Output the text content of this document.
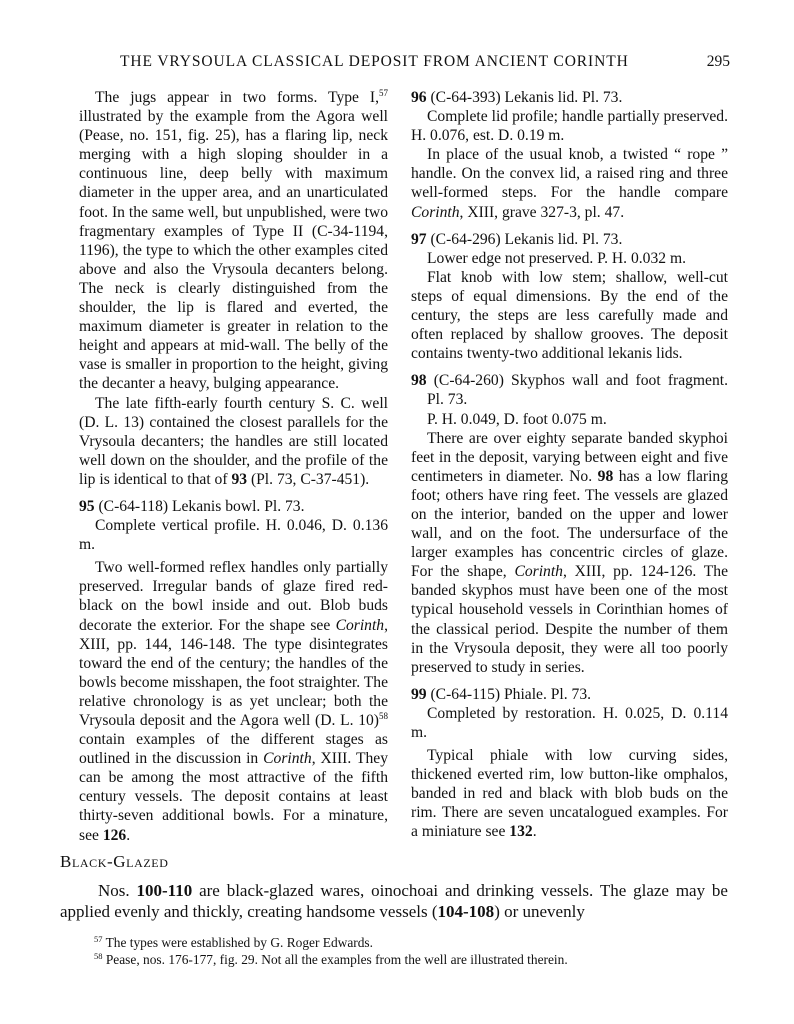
THE VRYSOULA CLASSICAL DEPOSIT FROM ANCIENT CORINTH	295

The jugs appear in two forms. Type I,$^{57}$ illustrated by the example from the Agora well (Pease, no. 151, fig. 25), has a flaring lip, neck merging with a high sloping shoulder in a continuous line, deep belly with maximum diameter in the upper area, and an unarticulated foot. In the same well, but unpublished, were two fragmentary examples of Type II (C-34-1194, 1196), the type to which the other examples cited above and also the Vrysoula decanters belong. The neck is clearly distinguished from the shoulder, the lip is flared and everted, the maximum diameter is greater in relation to the height and appears at mid-wall. The belly of the vase is smaller in proportion to the height, giving the decanter a heavy, bulging appearance.

The late fifth-early fourth century S. C. well (D. L. 13) contained the closest parallels for the Vrysoula decanters; the handles are still located well down on the shoulder, and the profile of the lip is identical to that of 93 (Pl. 73, C-37-451).

95 (C-64-118) Lekanis bowl. Pl. 73.

Complete vertical profile. H. 0.046, D. 0.136 m.

Two well-formed reflex handles only partially preserved. Irregular bands of glaze fired red-black on the bowl inside and out. Blob buds decorate the exterior. For the shape see Corinth, XIII, pp. 144, 146-148. The type disintegrates toward the end of the century; the handles of the bowls become misshapen, the foot straighter. The relative chronology is as yet unclear; both the Vrysoula deposit and the Agora well (D. L. 10)$^{58}$ contain examples of the different stages as outlined in the discussion in Corinth, XIII. They can be among the most attractive of the fifth century vessels. The deposit contains at least thirty-seven additional bowls. For a minature, see 126.

96 (C-64-393) Lekanis lid. Pl. 73.

Complete lid profile; handle partially preserved. H. 0.076, est. D. 0.19 m.

In place of the usual knob, a twisted “ rope ” handle. On the convex lid, a raised ring and three well-formed steps. For the handle compare Corinth, XIII, grave 327-3, pl. 47.

97 (C-64-296) Lekanis lid. Pl. 73.

Lower edge not preserved. P. H. 0.032 m.

Flat knob with low stem; shallow, well-cut steps of equal dimensions. By the end of the century, the steps are less carefully made and often replaced by shallow grooves. The deposit contains twenty-two additional lekanis lids.

98 (C-64-260) Skyphos wall and foot fragment. Pl. 73.

P. H. 0.049, D. foot 0.075 m.

There are over eighty separate banded skyphoi feet in the deposit, varying between eight and five centimeters in diameter. No. 98 has a low flaring foot; others have ring feet. The vessels are glazed on the interior, banded on the upper and lower wall, and on the foot. The undersurface of the larger examples has concentric circles of glaze. For the shape, Corinth, XIII, pp. 124-126. The banded skyphos must have been one of the most typical household vessels in Corinthian homes of the classical period. Despite the number of them in the Vrysoula deposit, they were all too poorly preserved to study in series.

99 (C-64-115) Phiale. Pl. 73.

Completed by restoration. H. 0.025, D. 0.114 m.

Typical phiale with low curving sides, thickened everted rim, low button-like omphalos, banded in red and black with blob buds on the rim. There are seven uncatalogued examples. For a miniature see 132.

Black-Glazed

Nos. 100-110 are black-glazed wares, oinochoai and drinking vessels. The glaze may be applied evenly and thickly, creating handsome vessels (104-108) or unevenly

$^{57}$ The types were established by G. Roger Edwards.

$^{58}$ Pease, nos. 176-177, fig. 29. Not all the examples from the well are illustrated therein.
